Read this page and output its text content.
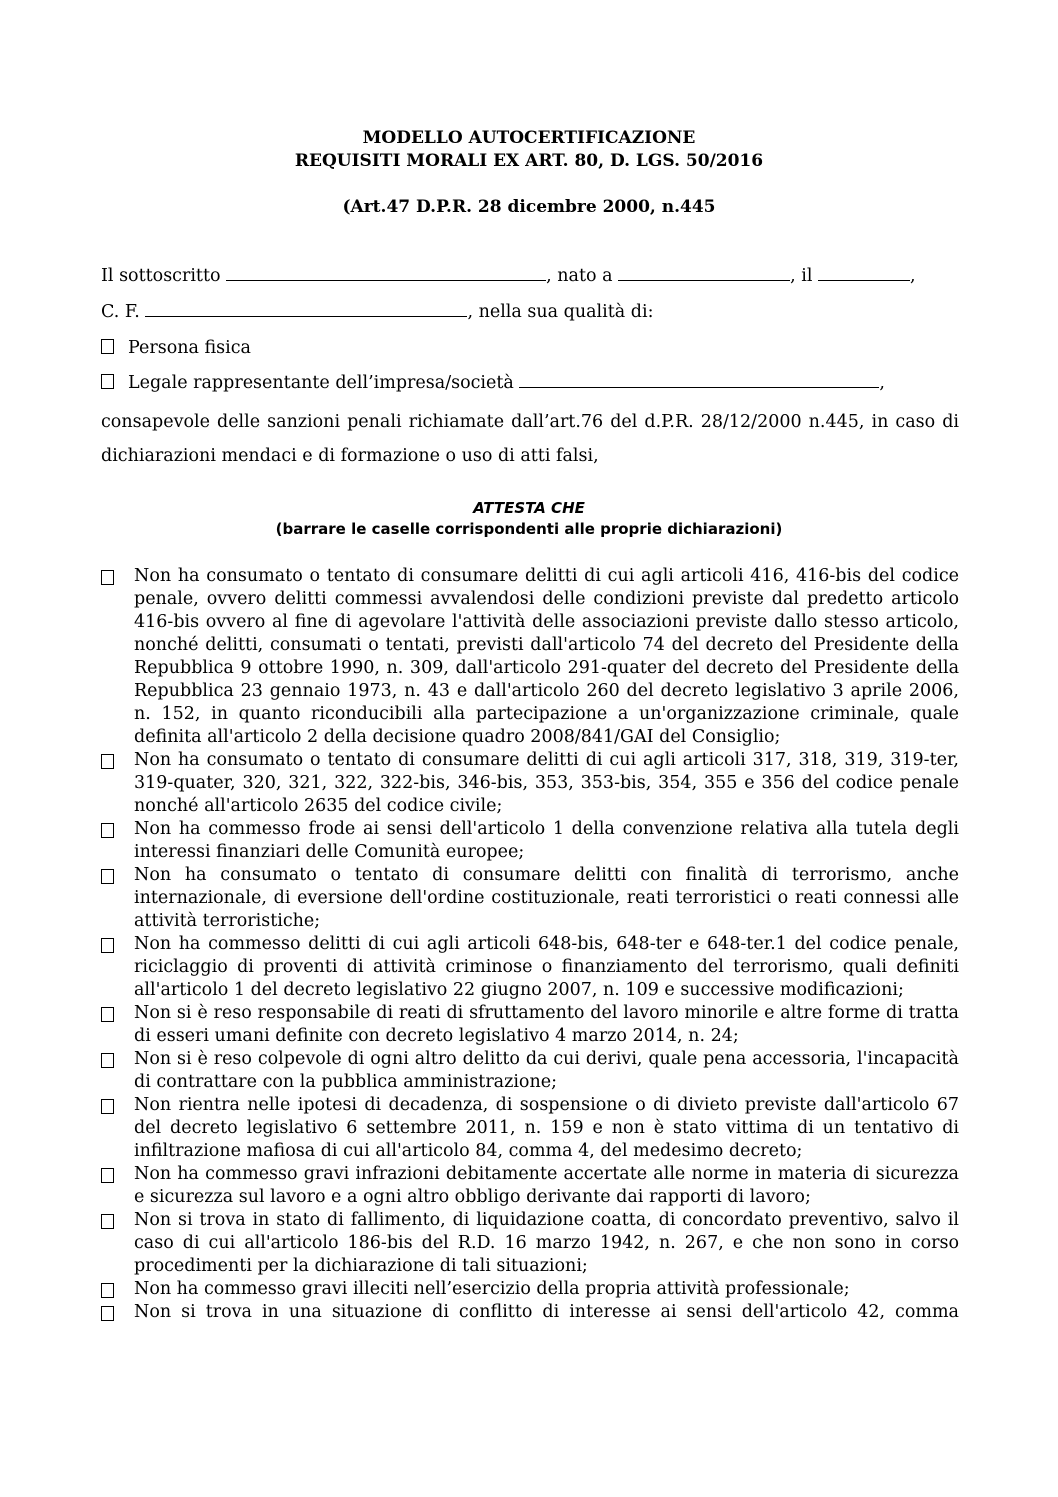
MODELLO AUTOCERTIFICAZIONE
REQUISITI MORALI EX ART. 80, D. LGS. 50/2016
(Art.47 D.P.R. 28 dicembre 2000, n.445
Il sottoscritto	, nato a	, il	,
C. F.	, nella sua qualità di:
Persona fisica
Legale rappresentante dell’impresa/società	,
consapevole delle sanzioni penali richiamate dall’art.76 del d.P.R. 28/12/2000 n.445, in caso di dichiarazioni mendaci e di formazione o uso di atti falsi,
ATTESTA CHE
(barrare le caselle corrispondenti alle proprie dichiarazioni)
Non ha consumato o tentato di consumare delitti di cui agli articoli 416, 416-bis del codice penale, ovvero delitti commessi avvalendosi delle condizioni previste dal predetto articolo 416-bis ovvero al fine di agevolare l'attività delle associazioni previste dallo stesso articolo, nonché delitti, consumati o tentati, previsti dall'articolo 74 del decreto del Presidente della Repubblica 9 ottobre 1990, n. 309, dall'articolo 291-quater del decreto del Presidente della Repubblica 23 gennaio 1973, n. 43 e dall'articolo 260 del decreto legislativo 3 aprile 2006, n. 152, in quanto riconducibili alla partecipazione a un'organizzazione criminale, quale definita all'articolo 2 della decisione quadro 2008/841/GAI del Consiglio;
Non ha consumato o tentato di consumare delitti di cui agli articoli 317, 318, 319, 319-ter, 319-quater, 320, 321, 322, 322-bis, 346-bis, 353, 353-bis, 354, 355 e 356 del codice penale nonché all'articolo 2635 del codice civile;
Non ha commesso frode ai sensi dell'articolo 1 della convenzione relativa alla tutela degli interessi finanziari delle Comunità europee;
Non ha consumato o tentato di consumare delitti con finalità di terrorismo, anche internazionale, di eversione dell'ordine costituzionale, reati terroristici o reati connessi alle attività terroristiche;
Non ha commesso delitti di cui agli articoli 648-bis, 648-ter e 648-ter.1 del codice penale, riciclaggio di proventi di attività criminose o finanziamento del terrorismo, quali definiti all'articolo 1 del decreto legislativo 22 giugno 2007, n. 109 e successive modificazioni;
Non si è reso responsabile di reati di sfruttamento del lavoro minorile e altre forme di tratta di esseri umani definite con decreto legislativo 4 marzo 2014, n. 24;
Non si è reso colpevole di ogni altro delitto da cui derivi, quale pena accessoria, l'incapacità di contrattare con la pubblica amministrazione;
Non rientra nelle ipotesi di decadenza, di sospensione o di divieto previste dall'articolo 67 del decreto legislativo 6 settembre 2011, n. 159 e non è stato vittima di un tentativo di infiltrazione mafiosa di cui all'articolo 84, comma 4, del medesimo decreto;
Non ha commesso gravi infrazioni debitamente accertate alle norme in materia di sicurezza e sicurezza sul lavoro e a ogni altro obbligo derivante dai rapporti di lavoro;
Non si trova in stato di fallimento, di liquidazione coatta, di concordato preventivo, salvo il caso di cui all'articolo 186-bis del R.D. 16 marzo 1942, n. 267, e che non sono in corso procedimenti per la dichiarazione di tali situazioni;
Non ha commesso gravi illeciti nell’esercizio della propria attività professionale;
Non si trova in una situazione di conflitto di interesse ai sensi dell'articolo 42, comma
